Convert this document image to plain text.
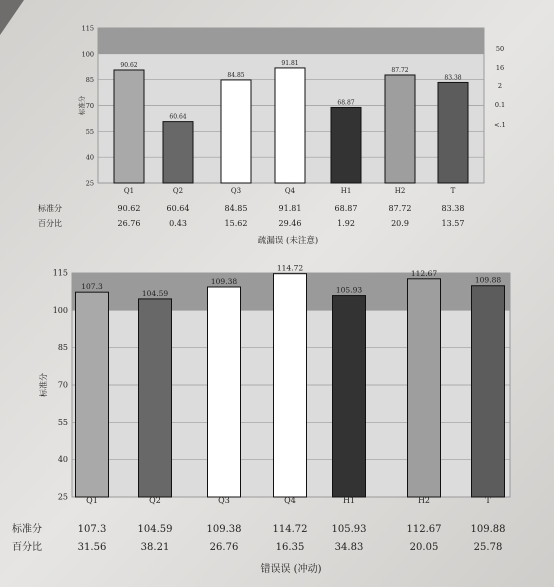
115
100
85
70
55
40
25
50
16
2
0.1
<.1
标准分
90.62
Q1
90.62
26.76
60.64
Q2
60.64
0.43
84.85
Q3
84.85
15.62
91.81
Q4
91.81
29.46
68.87
H1
68.87
1.92
87.72
H2
87.72
20.9
83.38
T
83.38
13.57
标准分
百分比
疏漏误 (未注意)
115
100
85
70
55
40
25
标准分
107.3
Q1
107.3
31.56
104.59
Q2
104.59
38.21
109.38
Q3
109.38
26.76
114.72
Q4
114.72
16.35
105.93
H1
105.93
34.83
112.67
H2
112.67
20.05
109.88
T
109.88
25.78
标准分
百分比
错误误 (冲动)
